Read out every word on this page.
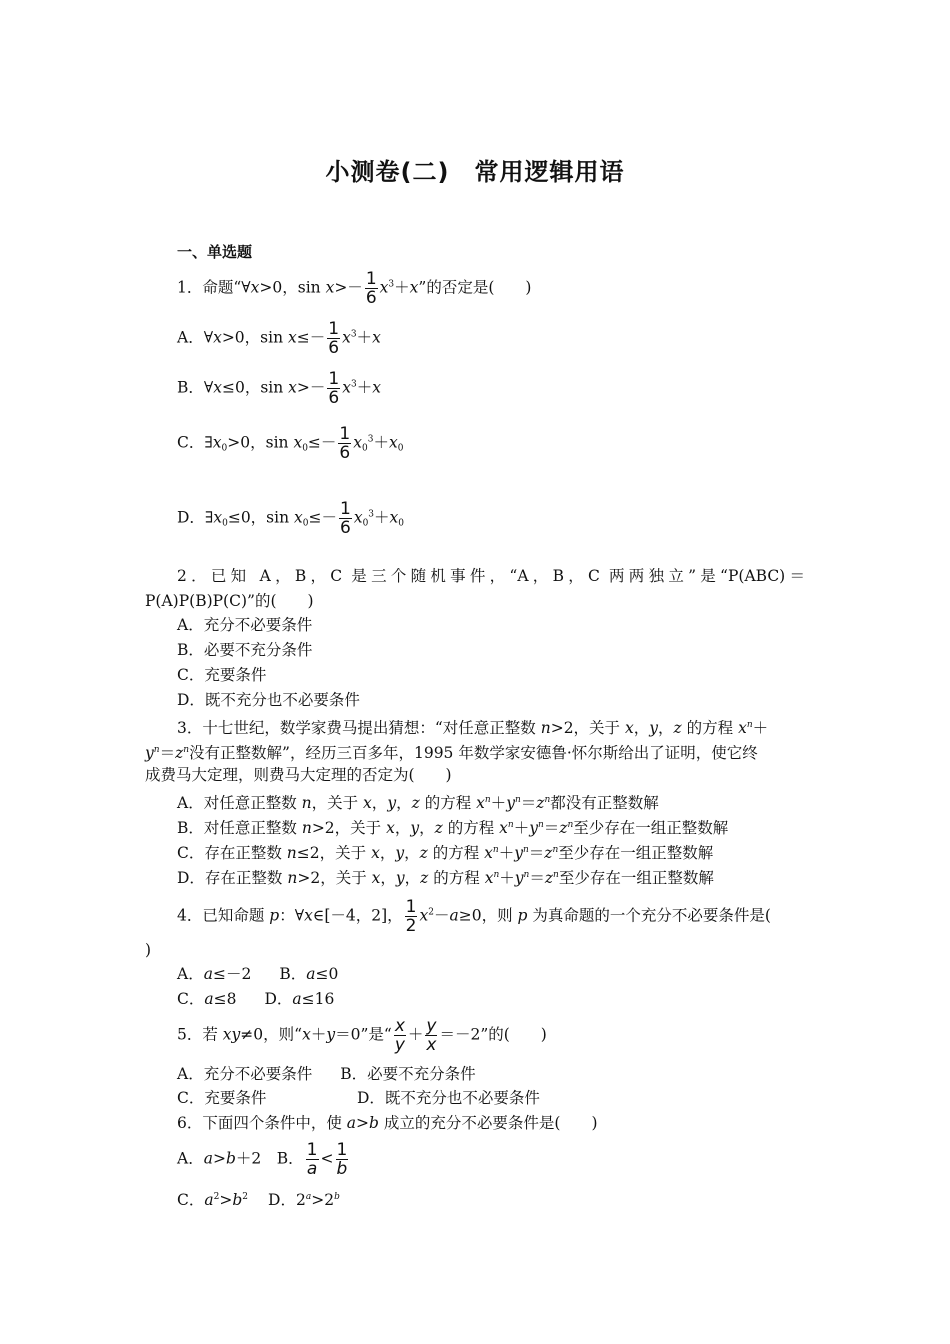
小测卷(二)　常用逻辑用语
一、单选题
1．命题“∀x>0，$\sin x>- \frac{1}{6} x^3+x$”的否定是(　　)
A．∀x>0，$\sin x\le- \frac{1}{6} x^3+x$
B．∀x≤0，$\sin x>- \frac{1}{6} x^3+x$
C．$\exists x_0>0$，$\sin x_0\le- \frac{1}{6} x_0^3+x_0$
D．$\exists x_0\le 0$，$\sin x_0\le- \frac{1}{6} x_0^3+x_0$
2．已知 A，B，C 是三个随机事件，“A，B，C 两两独立”是“P(ABC)＝
P(A)P(B)P(C)”的(　　)
A．充分不必要条件
B．必要不充分条件
C．充要条件
D．既不充分也不必要条件
3．十七世纪，数学家费马提出猜想：“对任意正整数 n>2，关于 x，y，z 的方程 $x^n+$
$y^n=z^n$没有正整数解”，经历三百多年，1995 年数学家安德鲁·怀尔斯给出了证明，使它终
成费马大定理，则费马大定理的否定为(　　)
A．对任意正整数 n，关于 x，y，z 的方程 $x^n+y^n=z^n$都没有正整数解
B．对任意正整数 n>2，关于 x，y，z 的方程 $x^n+y^n=z^n$至少存在一组正整数解
C．存在正整数 n≤2，关于 x，y，z 的方程 $x^n+y^n=z^n$至少存在一组正整数解
D．存在正整数 n>2，关于 x，y，z 的方程 $x^n+y^n=z^n$至少存在一组正整数解
4．已知命题 p：∀x∈[－4，2]， $\frac{1}{2} x^2-a\ge 0$，则 p 为真命题的一个充分不必要条件是(
)
A．a≤－2 B．a≤0
C．a≤8 D．a≤16
5．若 xy≠0，则“x＋y＝0”是“ $\frac{x}{y} + \frac{y}{x} =-2$”的(　　)
A．充分不必要条件 B．必要不充分条件
C．充要条件	D．既不充分也不必要条件
6．下面四个条件中，使 a>b 成立的充分不必要条件是(　　)
A．a>b＋2　 B． $\frac{1}{a} < \frac{1}{b}$
C．$a^2>b^2$ D．$2^a>2^b$
